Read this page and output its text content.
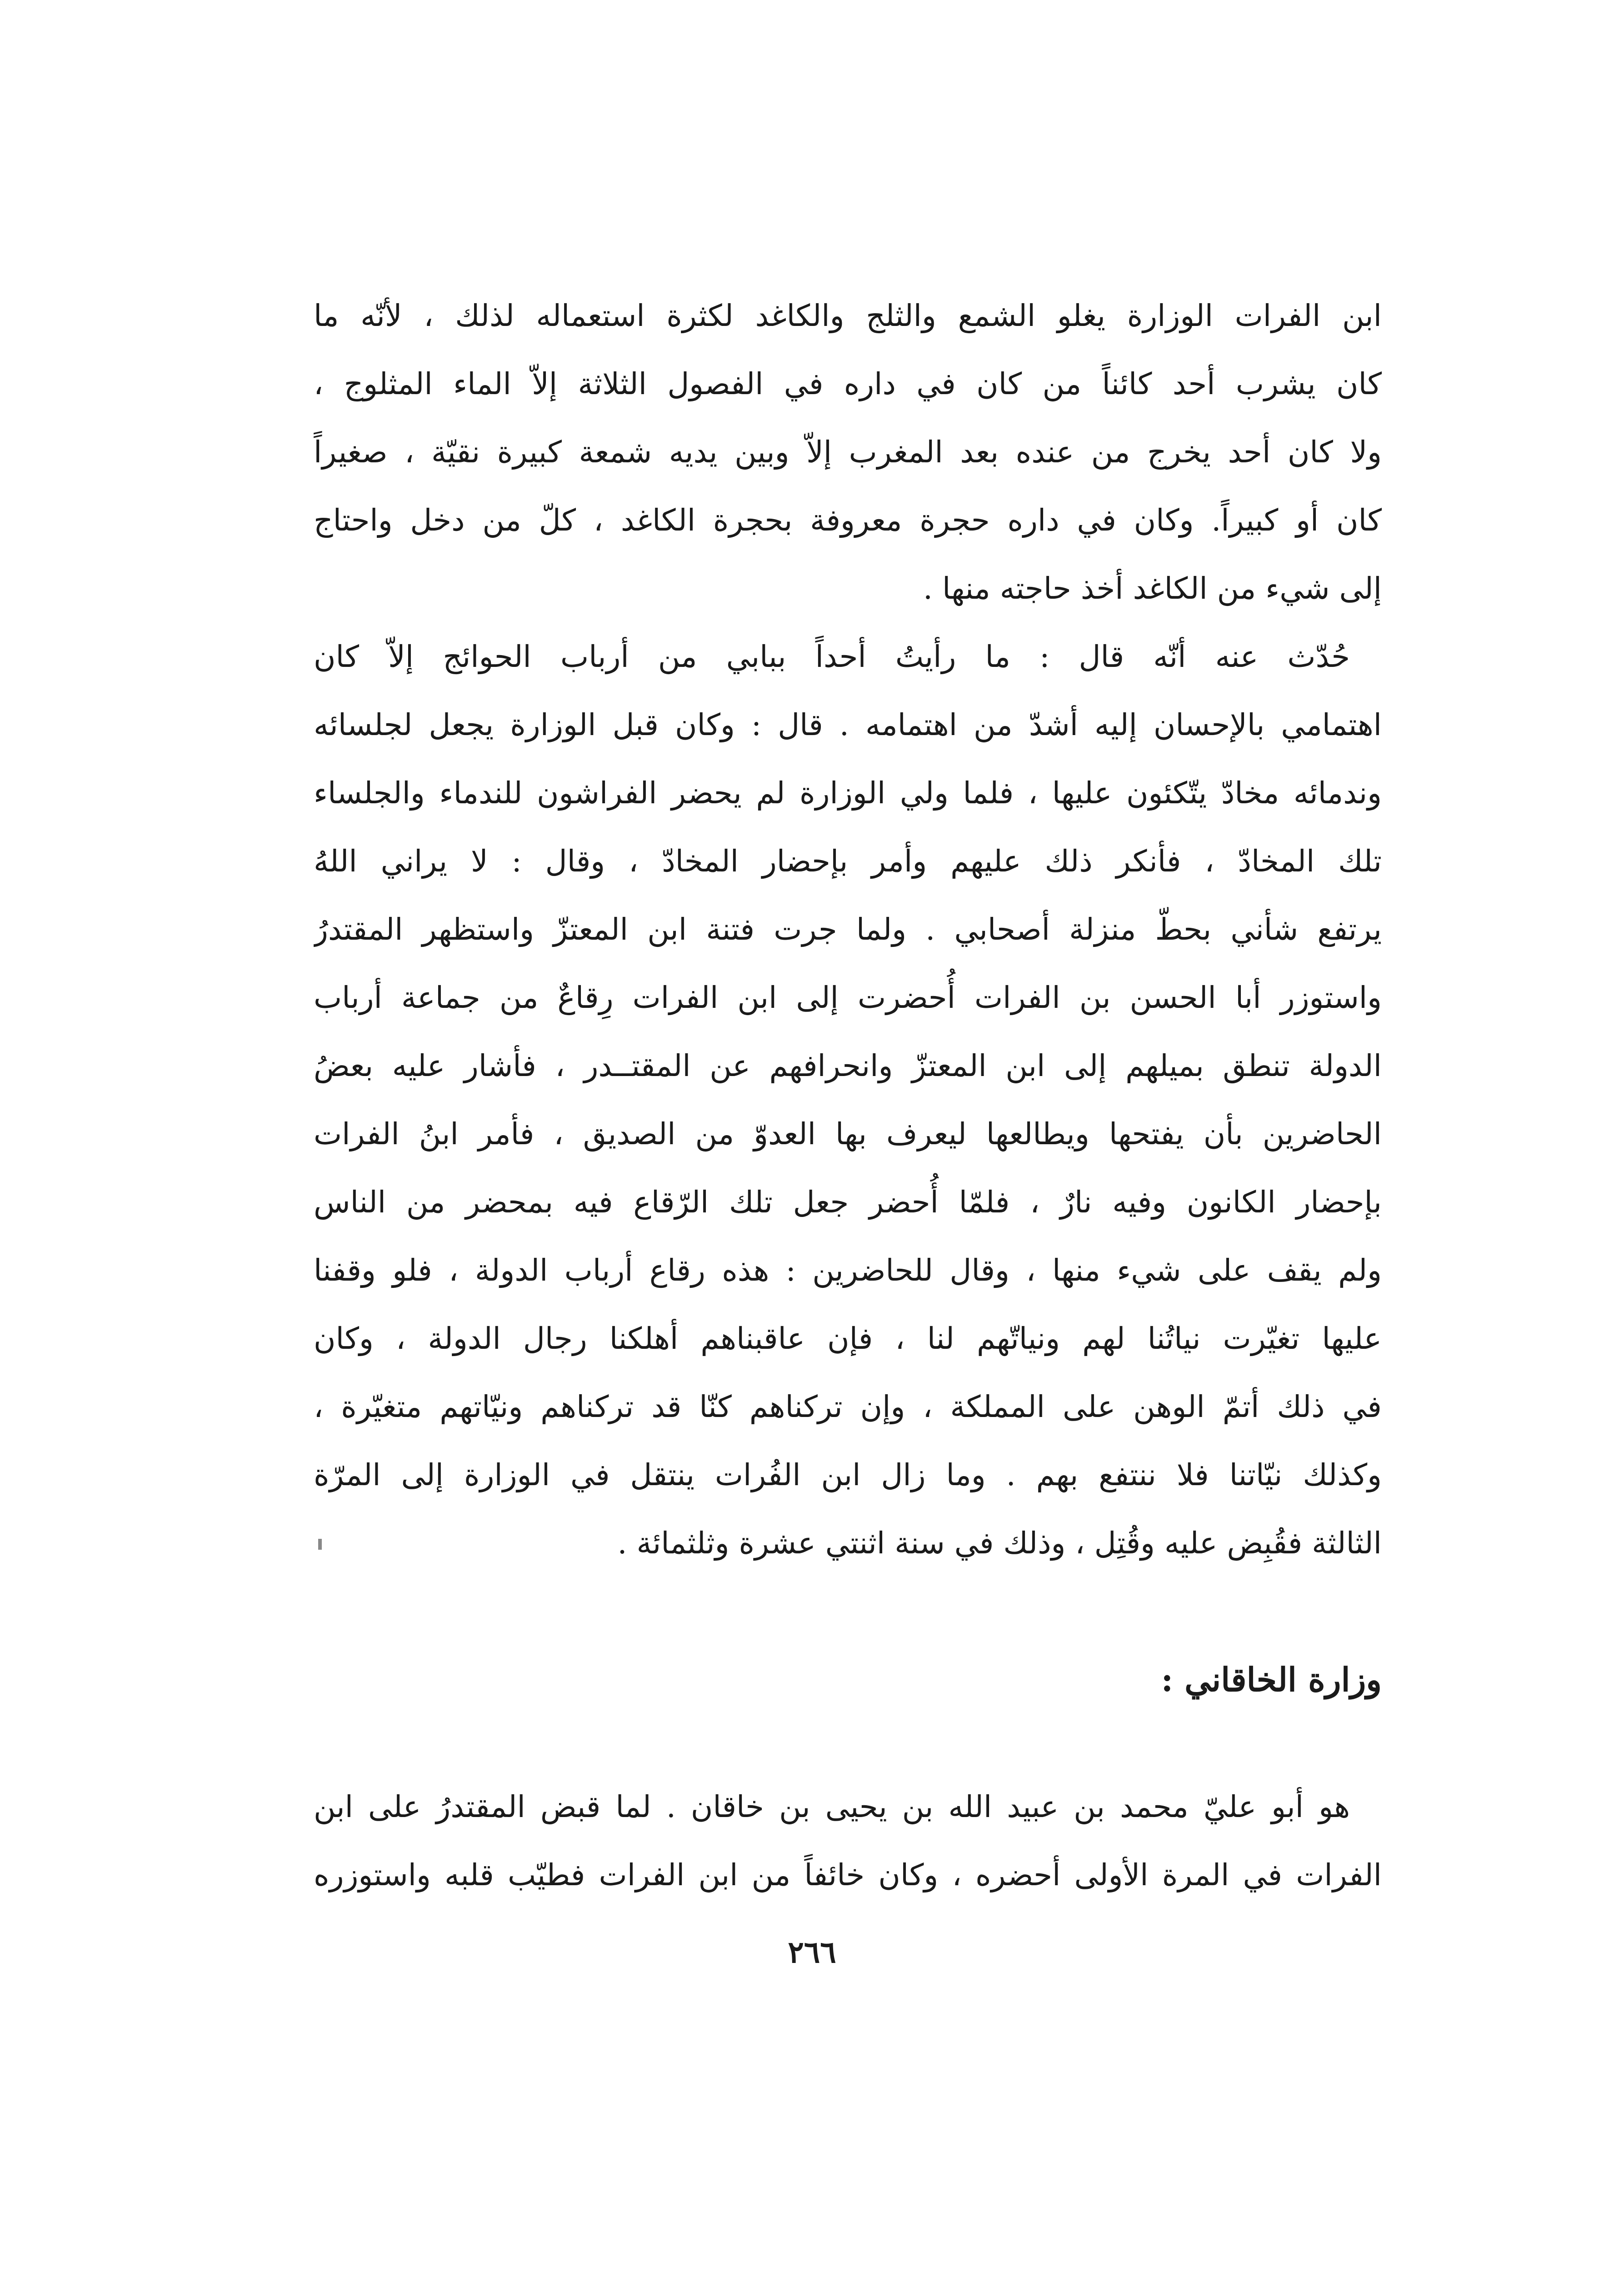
ابن الفرات الوزارة يغلو الشمع والثلج والكاغد لكثرة استعماله لذلك ، لأنّه ما
كان يشرب أحد كائناً من كان في داره في الفصول الثلاثة إلاّ الماء المثلوج ،
ولا كان أحد يخرج من عنده بعد المغرب إلاّ وبين يديه شمعة كبيرة نقيّة ، صغيراً
كان أو كبيراً. وكان في داره حجرة معروفة بحجرة الكاغد ، كلّ من دخل واحتاج
إلى شيء من الكاغد أخذ حاجته منها .
حُدّث عنه أنّه قال : ما رأيتُ أحداً ببابي من أرباب الحوائج إلاّ كان
اهتمامي بالإحسان إليه أشدّ من اهتمامه . قال : وكان قبل الوزارة يجعل لجلسائه
وندمائه مخادّ يتّكئون عليها ، فلما ولي الوزارة لم يحضر الفراشون للندماء والجلساء
تلك المخادّ ، فأنكر ذلك عليهم وأمر بإحضار المخادّ ، وقال : لا يراني اللهُ
يرتفع شأني بحطّ منزلة أصحابي . ولما جرت فتنة ابن المعتزّ واستظهر المقتدرُ
واستوزر أبا الحسن بن الفرات أُحضرت إلى ابن الفرات رِقاعٌ من جماعة أرباب
الدولة تنطق بميلهم إلى ابن المعتزّ وانحرافهم عن المقتــدر ، فأشار عليه بعضُ
الحاضرين بأن يفتحها ويطالعها ليعرف بها العدوّ من الصديق ، فأمر ابنُ الفرات
بإحضار الكانون وفيه نارٌ ، فلمّا أُحضر جعل تلك الرّقاع فيه بمحضر من الناس
ولم يقف على شيء منها ، وقال للحاضرين : هذه رقاع أرباب الدولة ، فلو وقفنا
عليها تغيّرت نياتُنا لهم ونياتّهم لنا ، فإن عاقبناهم أهلكنا رجال الدولة ، وكان
في ذلك أتمّ الوهن على المملكة ، وإن تركناهم كنّا قد تركناهم ونيّاتهم متغيّرة ،
وكذلك نيّاتنا فلا ننتفع بهم . وما زال ابن الفُرات ينتقل في الوزارة إلى المرّة
الثالثة فقُبِض عليه وقُتِل ، وذلك في سنة اثنتي عشرة وثلثمائة .
وزارة الخاقاني :
هو أبو عليّ محمد بن عبيد الله بن يحيى بن خاقان . لما قبض المقتدرُ على ابن
الفرات في المرة الأولى أحضره ، وكان خائفاً من ابن الفرات فطيّب قلبه واستوزره
٢٦٦
